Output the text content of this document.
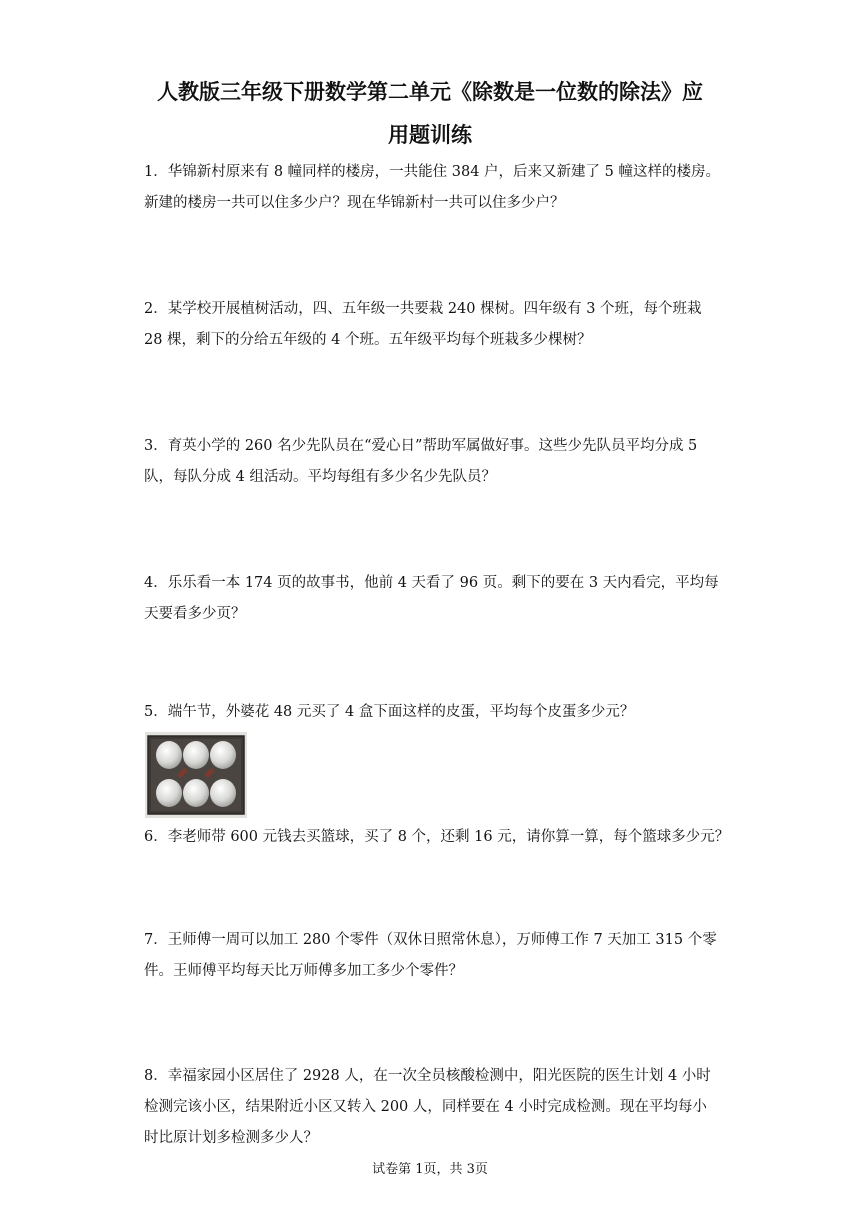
人教版三年级下册数学第二单元《除数是一位数的除法》应
用题训练
1．华锦新村原来有 8 幢同样的楼房，一共能住 384 户，后来又新建了 5 幢这样的楼房。
新建的楼房一共可以住多少户？现在华锦新村一共可以住多少户？
2．某学校开展植树活动，四、五年级一共要栽 240 棵树。四年级有 3 个班，每个班栽
28 棵，剩下的分给五年级的 4 个班。五年级平均每个班栽多少棵树？
3．育英小学的 260 名少先队员在“爱心日”帮助军属做好事。这些少先队员平均分成 5
队，每队分成 4 组活动。平均每组有多少名少先队员？
4．乐乐看一本 174 页的故事书，他前 4 天看了 96 页。剩下的要在 3 天内看完，平均每
天要看多少页？
5．端午节，外婆花 48 元买了 4 盒下面这样的皮蛋，平均每个皮蛋多少元？
6．李老师带 600 元钱去买篮球，买了 8 个，还剩 16 元，请你算一算，每个篮球多少元？
7．王师傅一周可以加工 280 个零件（双休日照常休息），万师傅工作 7 天加工 315 个零
件。王师傅平均每天比万师傅多加工多少个零件？
8．幸福家园小区居住了 2928 人，在一次全员核酸检测中，阳光医院的医生计划 4 小时
检测完该小区，结果附近小区又转入 200 人，同样要在 4 小时完成检测。现在平均每小
时比原计划多检测多少人？
试卷第 1页，共 3页
